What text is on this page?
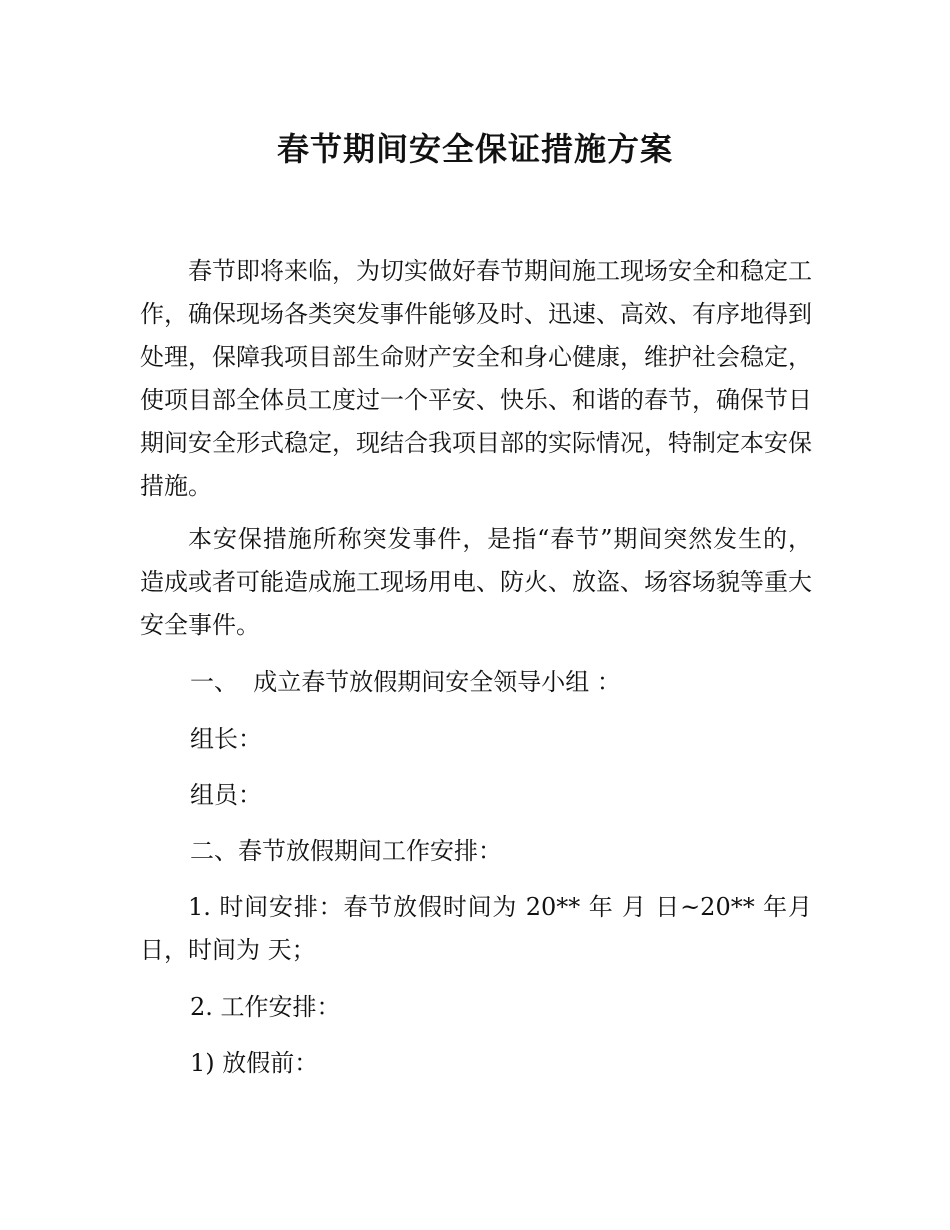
春节期间安全保证措施方案

春节即将来临，为切实做好春节期间施工现场安全和稳定工作，确保现场各类突发事件能够及时、迅速、高效、有序地得到处理，保障我项目部生命财产安全和身心健康，维护社会稳定，使项目部全体员工度过一个平安、快乐、和谐的春节，确保节日期间安全形式稳定，现结合我项目部的实际情况，特制定本安保措施。

本安保措施所称突发事件，是指“春节”期间突然发生的，造成或者可能造成施工现场用电、防火、放盗、场容场貌等重大安全事件。

一、  成立春节放假期间安全领导小组 ：
组长：
组员：
二、春节放假期间工作安排：

1. 时间安排：春节放假时间为 20** 年 月 日~20** 年月 日，时间为 天；

2. 工作安排：
1) 放假前：
